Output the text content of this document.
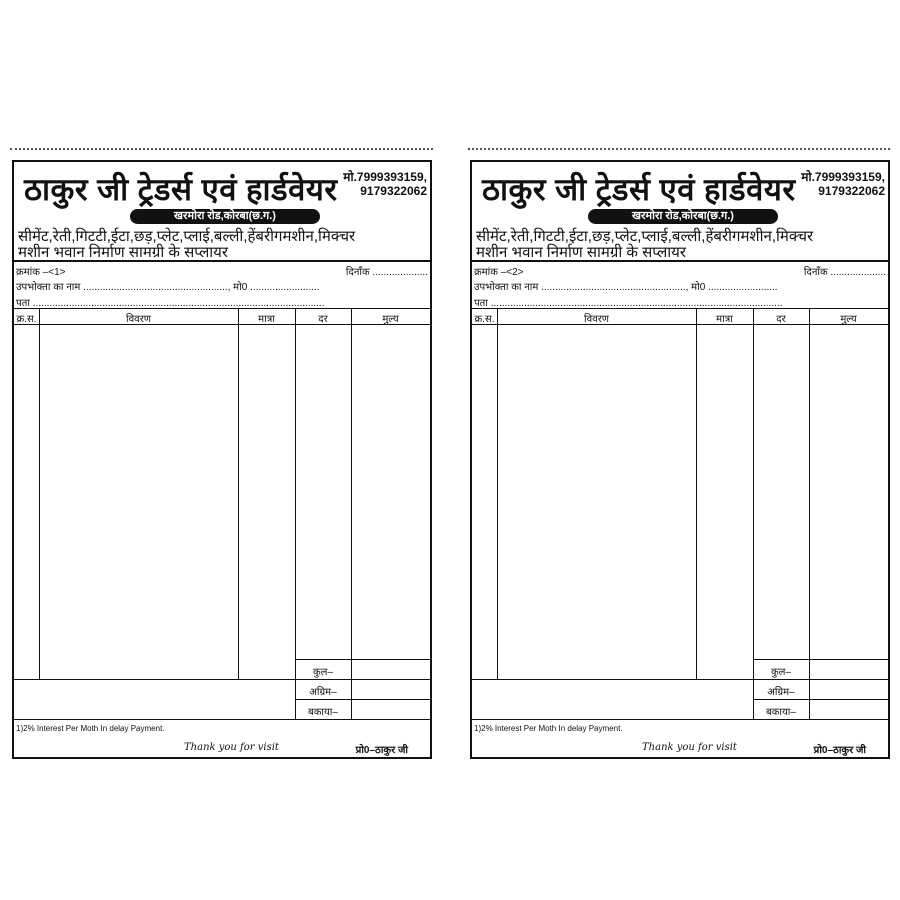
ठाकुर जी ट्रेडर्स एवं हार्डवेयर मो.7999393159,
9179322062
खरमोरा रोड,कोरबा(छ.ग.)
सीमेंट,रेती,गिटटी,ईटा,छड़,प्लेट,प्लाई,बल्ली,हेंबरीगमशीन,मिक्चर
मशीन भवान निर्माण सामग्री के सप्लायर
क्रमांक –<1>	दिनाँक ....................
उपभोक्ता का नाम ...................................................., मो0 .........................
पता .........................................................................................................
क्र.स.	विवरण	मात्रा	दर	मुल्य
कुल–
अग्रिम–
बकाया–
1)2% Interest Per Moth In delay Payment.
Thank you for visit	प्रो0–ठाकुर जी
ठाकुर जी ट्रेडर्स एवं हार्डवेयर मो.7999393159,
9179322062
खरमोरा रोड,कोरबा(छ.ग.)
सीमेंट,रेती,गिटटी,ईटा,छड़,प्लेट,प्लाई,बल्ली,हेंबरीगमशीन,मिक्चर
मशीन भवान निर्माण सामग्री के सप्लायर
क्रमांक –<2>	दिनाँक ....................
उपभोक्ता का नाम ...................................................., मो0 .........................
पता .........................................................................................................
क्र.स.	विवरण	मात्रा	दर	मुल्य
कुल–
अग्रिम–
बकाया–
1)2% Interest Per Moth In delay Payment.
Thank you for visit	प्रो0–ठाकुर जी
